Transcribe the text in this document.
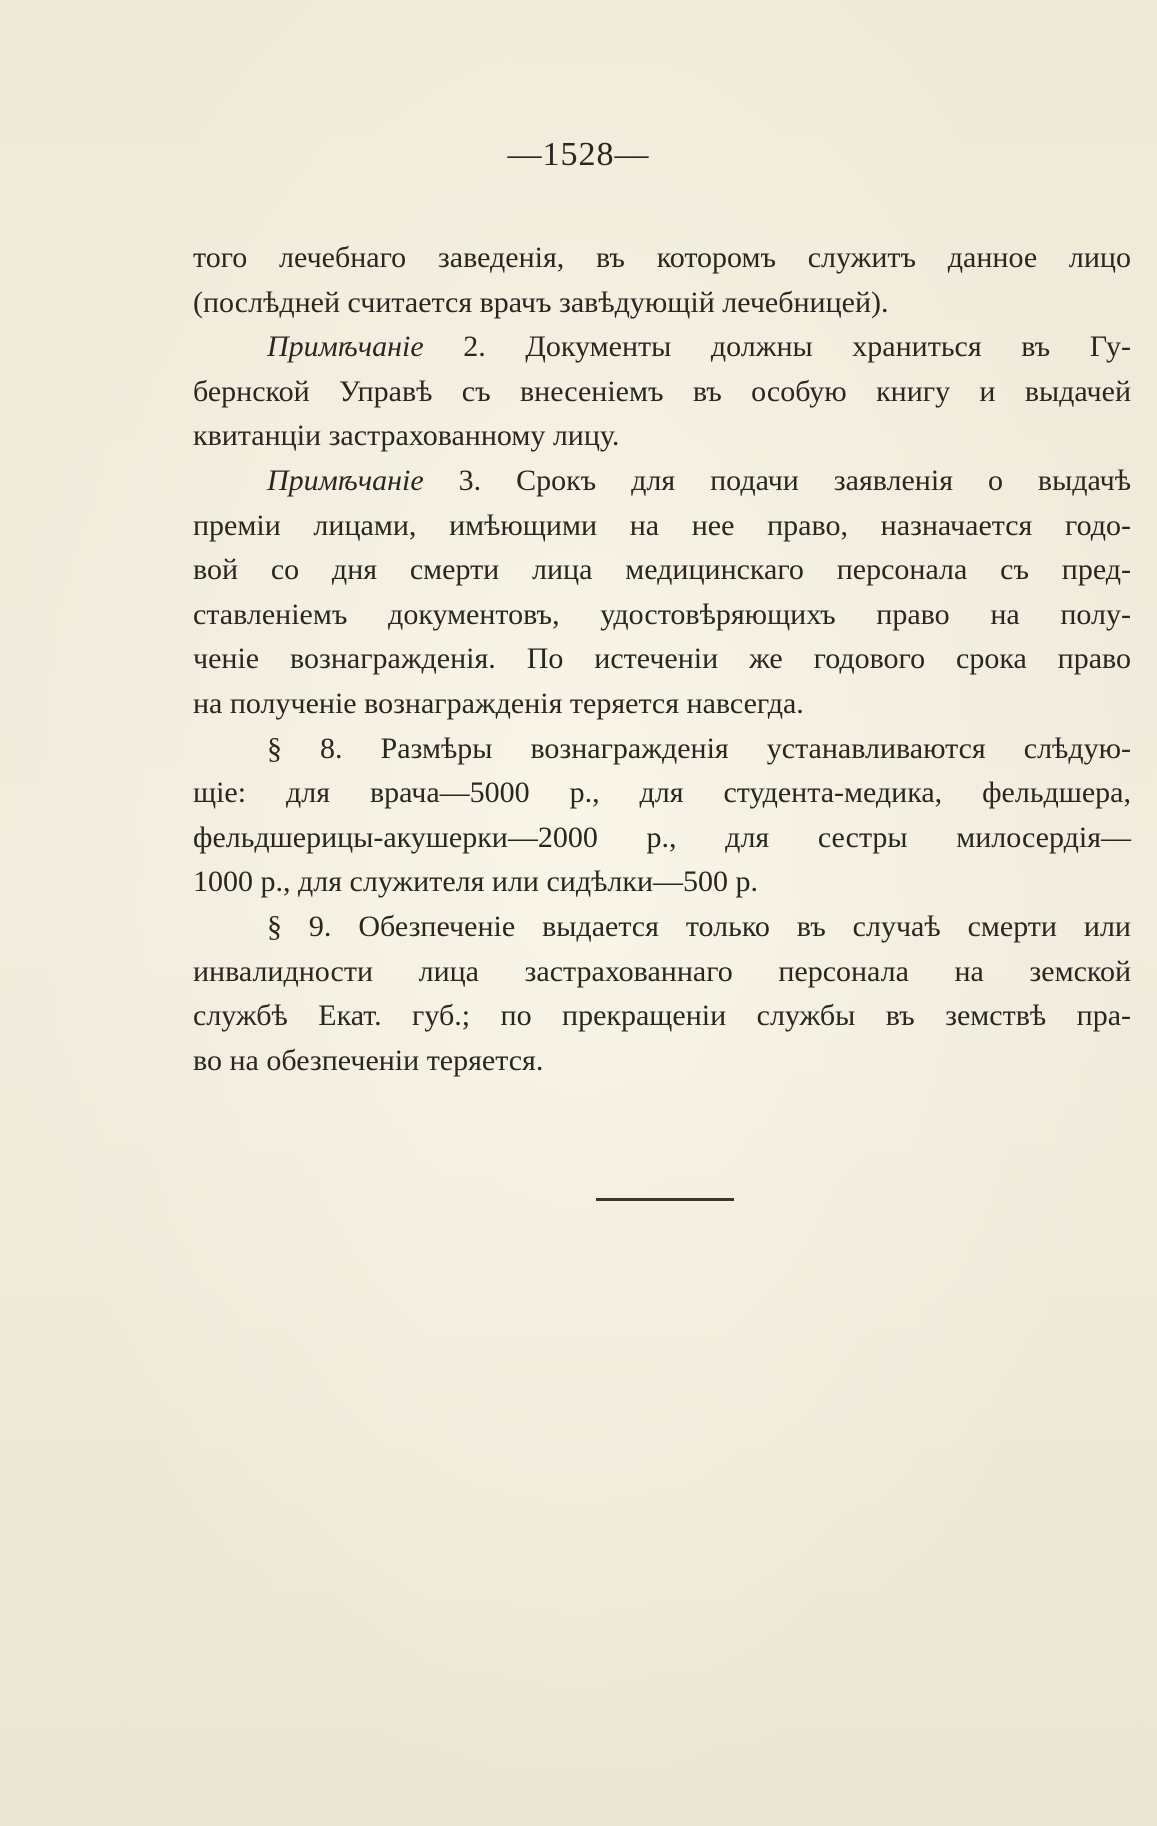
—1528—
того лечебнаго заведенія, въ которомъ служитъ данное лицо
(послѣдней считается врачъ завѣдующій лечебницей).
Примѣчаніе 2. Документы должны храниться въ Гу-
бернской Управѣ съ внесеніемъ въ особую книгу и выдачей
квитанціи застрахованному лицу.
Примѣчаніе 3. Срокъ для подачи заявленія о выдачѣ
преміи лицами, имѣющими на нее право, назначается годо-
вой со дня смерти лица медицинскаго персонала съ пред-
ставленіемъ документовъ, удостовѣряющихъ право на полу-
ченіе вознагражденія. По истеченіи же годового срока право
на полученіе вознагражденія теряется навсегда.
§ 8. Размѣры вознагражденія устанавливаются слѣдую-
щіе: для врача—5000 р., для студента-медика, фельдшера,
фельдшерицы-акушерки—2000 р., для сестры милосердія—
1000 р., для служителя или сидѣлки—500 р.
§ 9. Обезпеченіе выдается только въ случаѣ смерти или
инвалидности лица застрахованнаго персонала на земской
службѣ Екат. губ.; по прекращеніи службы въ земствѣ пра-
во на обезпеченіи теряется.
